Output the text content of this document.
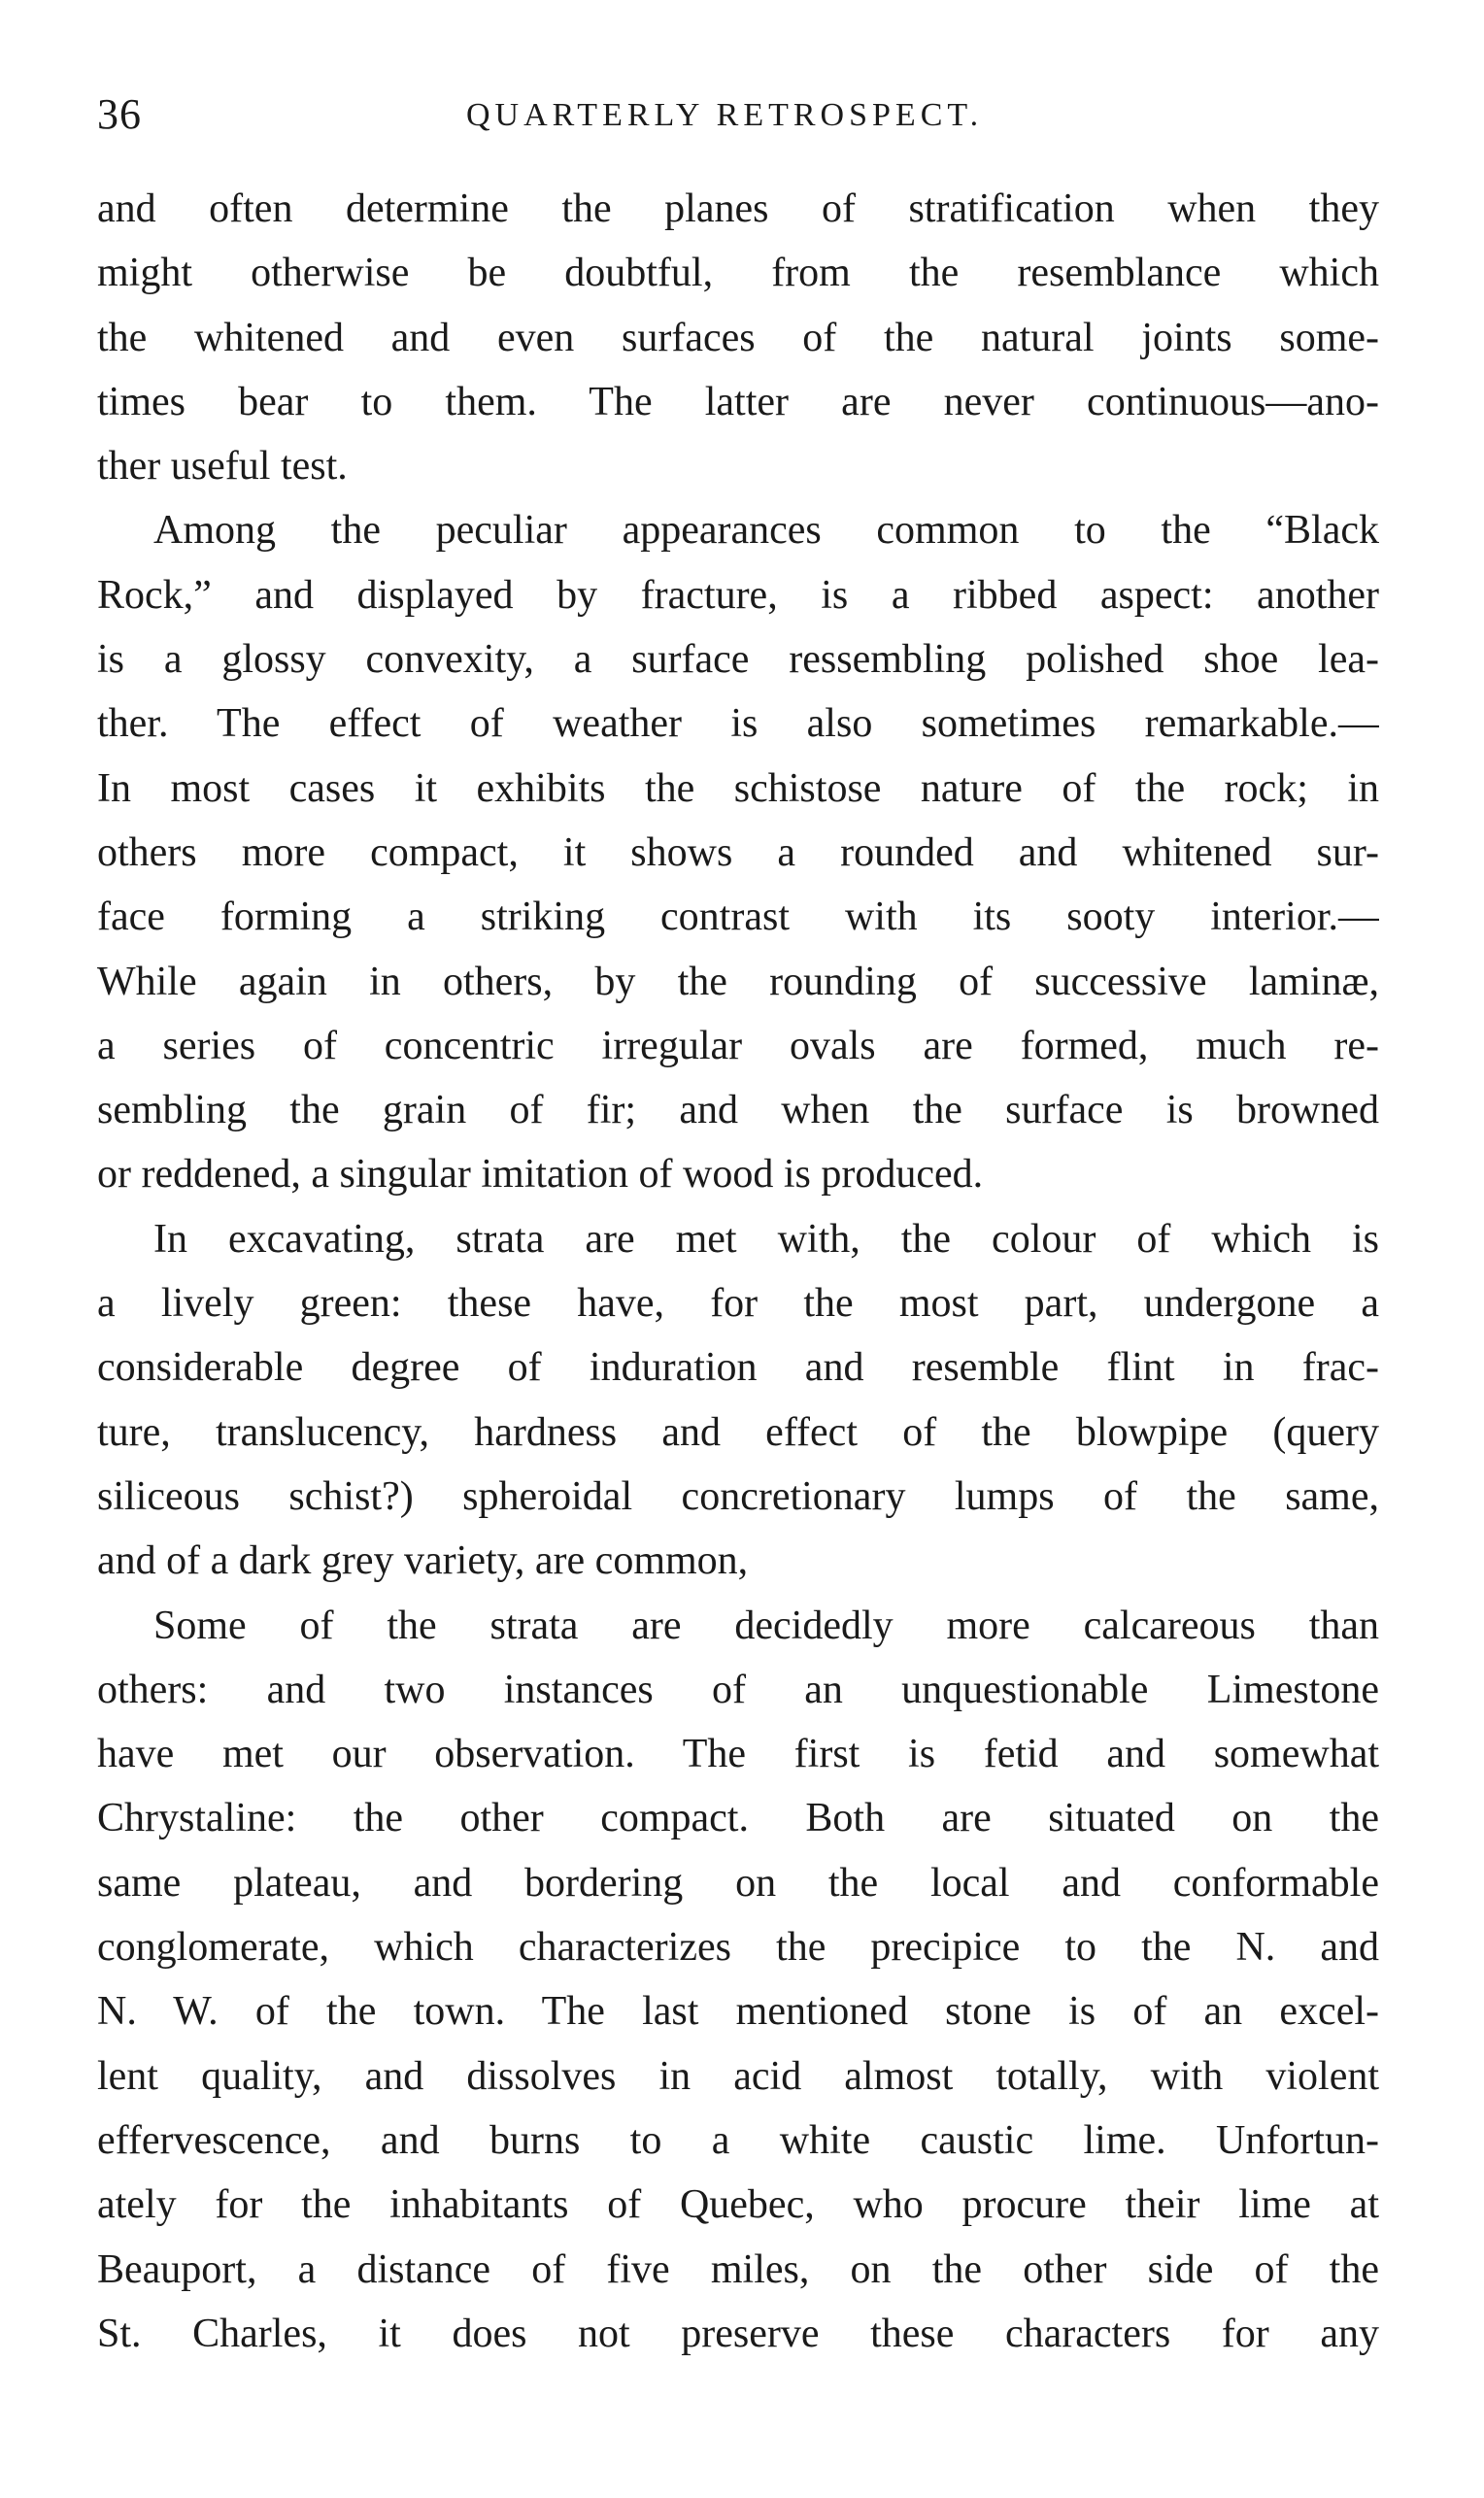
36	QUARTERLY RETROSPECT.
and often determine the planes of stratification when they
might otherwise be doubtful, from the resemblance which
the whitened and even surfaces of the natural joints some-
times bear to them. The latter are never continuous—ano-
ther useful test.
Among the peculiar appearances common to the “Black
Rock,” and displayed by fracture, is a ribbed aspect: another
is a glossy convexity, a surface ressembling polished shoe lea-
ther. The effect of weather is also sometimes remarkable.—
In most cases it exhibits the schistose nature of the rock; in
others more compact, it shows a rounded and whitened sur-
face forming a striking contrast with its sooty interior.—
While again in others, by the rounding of successive laminæ,
a series of concentric irregular ovals are formed, much re-
sembling the grain of fir; and when the surface is browned
or reddened, a singular imitation of wood is produced.
In excavating, strata are met with, the colour of which is
a lively green: these have, for the most part, undergone a
considerable degree of induration and resemble flint in frac-
ture, translucency, hardness and effect of the blowpipe (query
siliceous schist?) spheroidal concretionary lumps of the same,
and of a dark grey variety, are common,
Some of the strata are decidedly more calcareous than
others: and two instances of an unquestionable Limestone
have met our observation. The first is fetid and somewhat
Chrystaline: the other compact. Both are situated on the
same plateau, and bordering on the local and conformable
conglomerate, which characterizes the precipice to the N. and
N. W. of the town. The last mentioned stone is of an excel-
lent quality, and dissolves in acid almost totally, with violent
effervescence, and burns to a white caustic lime. Unfortun-
ately for the inhabitants of Quebec, who procure their lime at
Beauport, a distance of five miles, on the other side of the
St. Charles, it does not preserve these characters for any
